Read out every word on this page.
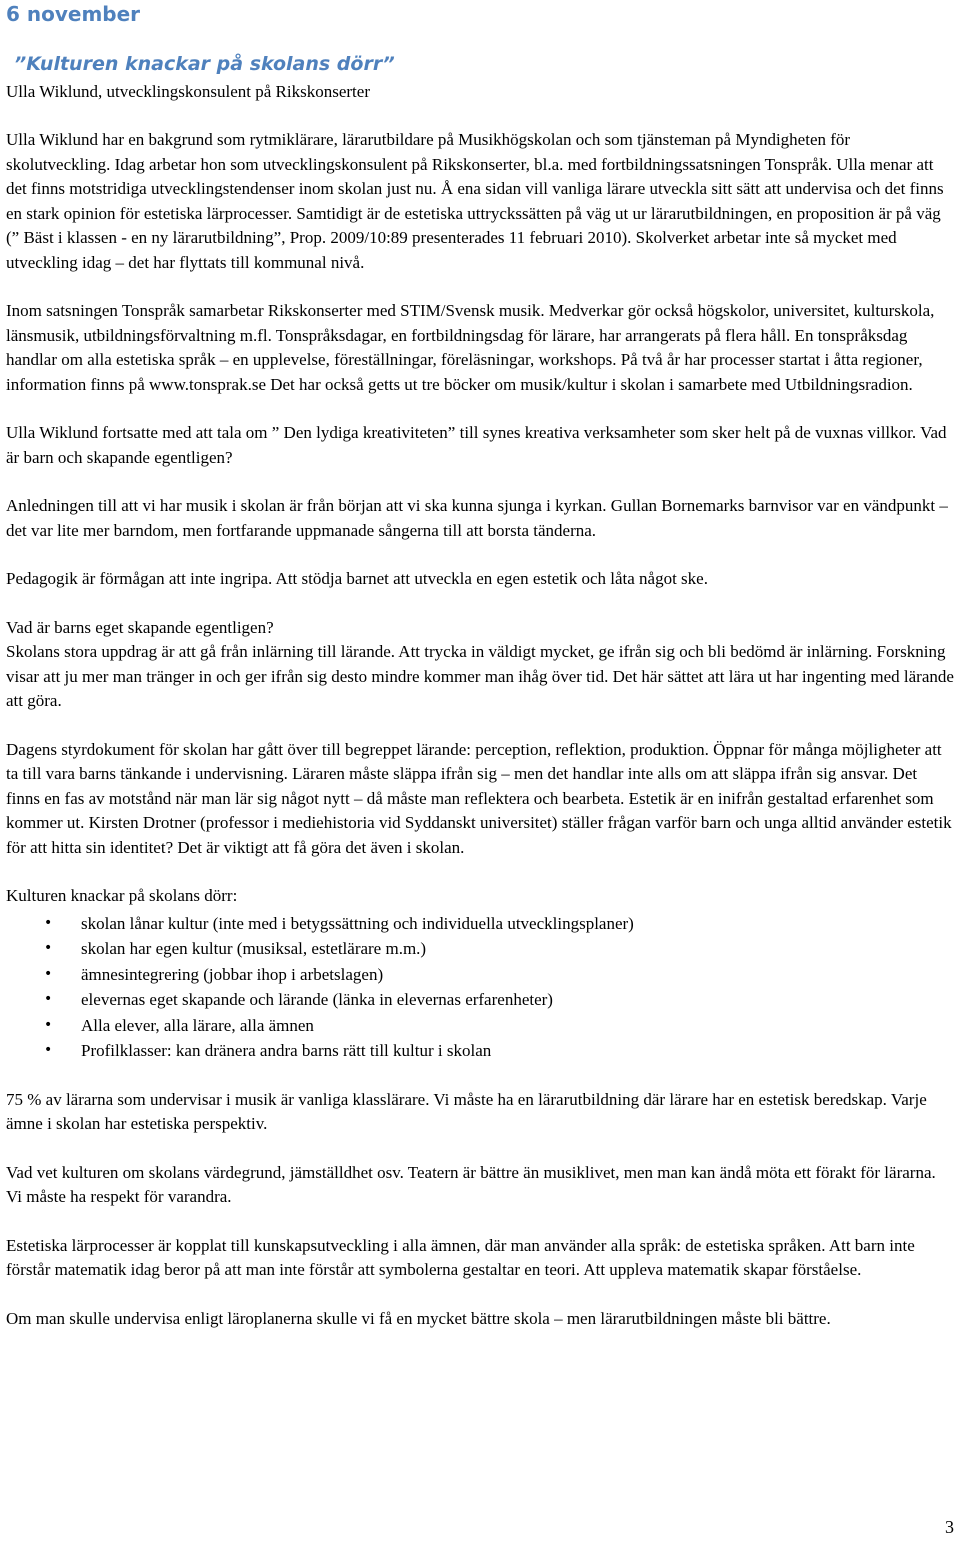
6 november
”Kulturen knackar på skolans dörr”

Ulla Wiklund, utvecklingskonsulent på Rikskonserter

Ulla Wiklund har en bakgrund som rytmiklärare, lärarutbildare på Musikhögskolan och som tjänsteman på Myndigheten för skolutveckling. Idag arbetar hon som utvecklingskonsulent på Rikskonserter, bl.a. med fortbildningssatsningen Tonspråk. Ulla menar att det finns motstridiga utvecklingstendenser inom skolan just nu. Å ena sidan vill vanliga lärare utveckla sitt sätt att undervisa och det finns en stark opinion för estetiska lärprocesser. Samtidigt är de estetiska uttryckssätten på väg ut ur lärarutbildningen, en proposition är på väg (” Bäst i klassen - en ny lärarutbildning”, Prop. 2009/10:89 presenterades 11 februari 2010). Skolverket arbetar inte så mycket med utveckling idag – det har flyttats till kommunal nivå.

Inom satsningen Tonspråk samarbetar Rikskonserter med STIM/Svensk musik. Medverkar gör också högskolor, universitet, kulturskola, länsmusik, utbildningsförvaltning m.fl. Tonspråksdagar, en fortbildningsdag för lärare, har arrangerats på flera håll. En tonspråksdag handlar om alla estetiska språk – en upplevelse, föreställningar, föreläsningar, workshops. På två år har processer startat i åtta regioner, information finns på www.tonsprak.se Det har också getts ut tre böcker om musik/kultur i skolan i samarbete med Utbildningsradion.

Ulla Wiklund fortsatte med att tala om ” Den lydiga kreativiteten” till synes kreativa verksamheter som sker helt på de vuxnas villkor. Vad är barn och skapande egentligen?

Anledningen till att vi har musik i skolan är från början att vi ska kunna sjunga i kyrkan. Gullan Bornemarks barnvisor var en vändpunkt – det var lite mer barndom, men fortfarande uppmanade sångerna till att borsta tänderna.

Pedagogik är förmågan att inte ingripa. Att stödja barnet att utveckla en egen estetik och låta något ske.

Vad är barns eget skapande egentligen?

Skolans stora uppdrag är att gå från inlärning till lärande. Att trycka in väldigt mycket, ge ifrån sig och bli bedömd är inlärning. Forskning visar att ju mer man tränger in och ger ifrån sig desto mindre kommer man ihåg över tid. Det här sättet att lära ut har ingenting med lärande att göra.

Dagens styrdokument för skolan har gått över till begreppet lärande: perception, reflektion, produktion. Öppnar för många möjligheter att ta till vara barns tänkande i undervisning. Läraren måste släppa ifrån sig – men det handlar inte alls om att släppa ifrån sig ansvar. Det finns en fas av motstånd när man lär sig något nytt – då måste man reflektera och bearbeta. Estetik är en inifrån gestaltad erfarenhet som kommer ut. Kirsten Drotner (professor i mediehistoria vid Syddanskt universitet) ställer frågan varför barn och unga alltid använder estetik för att hitta sin identitet? Det är viktigt att få göra det även i skolan.

Kulturen knackar på skolans dörr:

• skolan lånar kultur (inte med i betygssättning och individuella utvecklingsplaner)
• skolan har egen kultur (musiksal, estetlärare m.m.)
• ämnesintegrering (jobbar ihop i arbetslagen)
• elevernas eget skapande och lärande (länka in elevernas erfarenheter)
• Alla elever, alla lärare, alla ämnen
• Profilklasser: kan dränera andra barns rätt till kultur i skolan

75 % av lärarna som undervisar i musik är vanliga klasslärare. Vi måste ha en lärarutbildning där lärare har en estetisk beredskap. Varje ämne i skolan har estetiska perspektiv.

Vad vet kulturen om skolans värdegrund, jämställdhet osv. Teatern är bättre än musiklivet, men man kan ändå möta ett förakt för lärarna. Vi måste ha respekt för varandra.

Estetiska lärprocesser är kopplat till kunskapsutveckling i alla ämnen, där man använder alla språk: de estetiska språken. Att barn inte förstår matematik idag beror på att man inte förstår att symbolerna gestaltar en teori. Att uppleva matematik skapar förståelse.

Om man skulle undervisa enligt läroplanerna skulle vi få en mycket bättre skola – men lärarutbildningen måste bli bättre.

3
